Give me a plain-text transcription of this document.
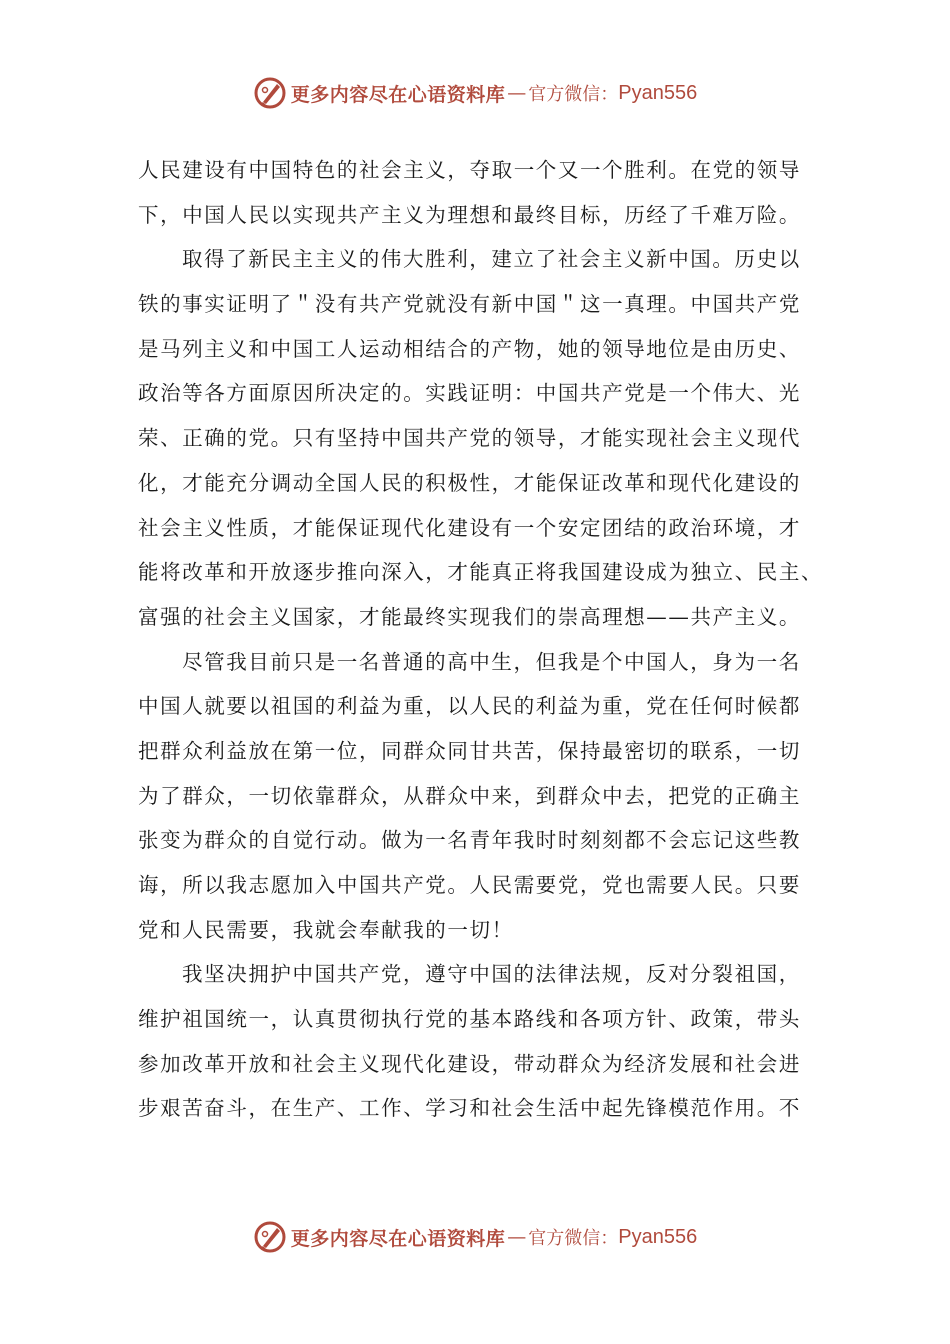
更多内容尽在心语资料库 — 官方微信： Pyan556
人民建设有中国特色的社会主义，夺取一个又一个胜利。在党的领导
下，中国人民以实现共产主义为理想和最终目标，历经了千难万险。
取得了新民主主义的伟大胜利，建立了社会主义新中国。历史以
铁的事实证明了＂没有共产党就没有新中国＂这一真理。中国共产党
是马列主义和中国工人运动相结合的产物，她的领导地位是由历史、
政治等各方面原因所决定的。实践证明：中国共产党是一个伟大、光
荣、正确的党。只有坚持中国共产党的领导，才能实现社会主义现代
化，才能充分调动全国人民的积极性，才能保证改革和现代化建设的
社会主义性质，才能保证现代化建设有一个安定团结的政治环境，才
能将改革和开放逐步推向深入，才能真正将我国建设成为独立、民主、
富强的社会主义国家，才能最终实现我们的崇高理想——共产主义。
尽管我目前只是一名普通的高中生，但我是个中国人，身为一名
中国人就要以祖国的利益为重，以人民的利益为重，党在任何时候都
把群众利益放在第一位，同群众同甘共苦，保持最密切的联系，一切
为了群众，一切依靠群众，从群众中来，到群众中去，把党的正确主
张变为群众的自觉行动。做为一名青年我时时刻刻都不会忘记这些教
诲，所以我志愿加入中国共产党。人民需要党，党也需要人民。只要
党和人民需要，我就会奉献我的一切！
我坚决拥护中国共产党，遵守中国的法律法规，反对分裂祖国，
维护祖国统一，认真贯彻执行党的基本路线和各项方针、政策，带头
参加改革开放和社会主义现代化建设，带动群众为经济发展和社会进
步艰苦奋斗，在生产、工作、学习和社会生活中起先锋模范作用。不
更多内容尽在心语资料库 — 官方微信： Pyan556
